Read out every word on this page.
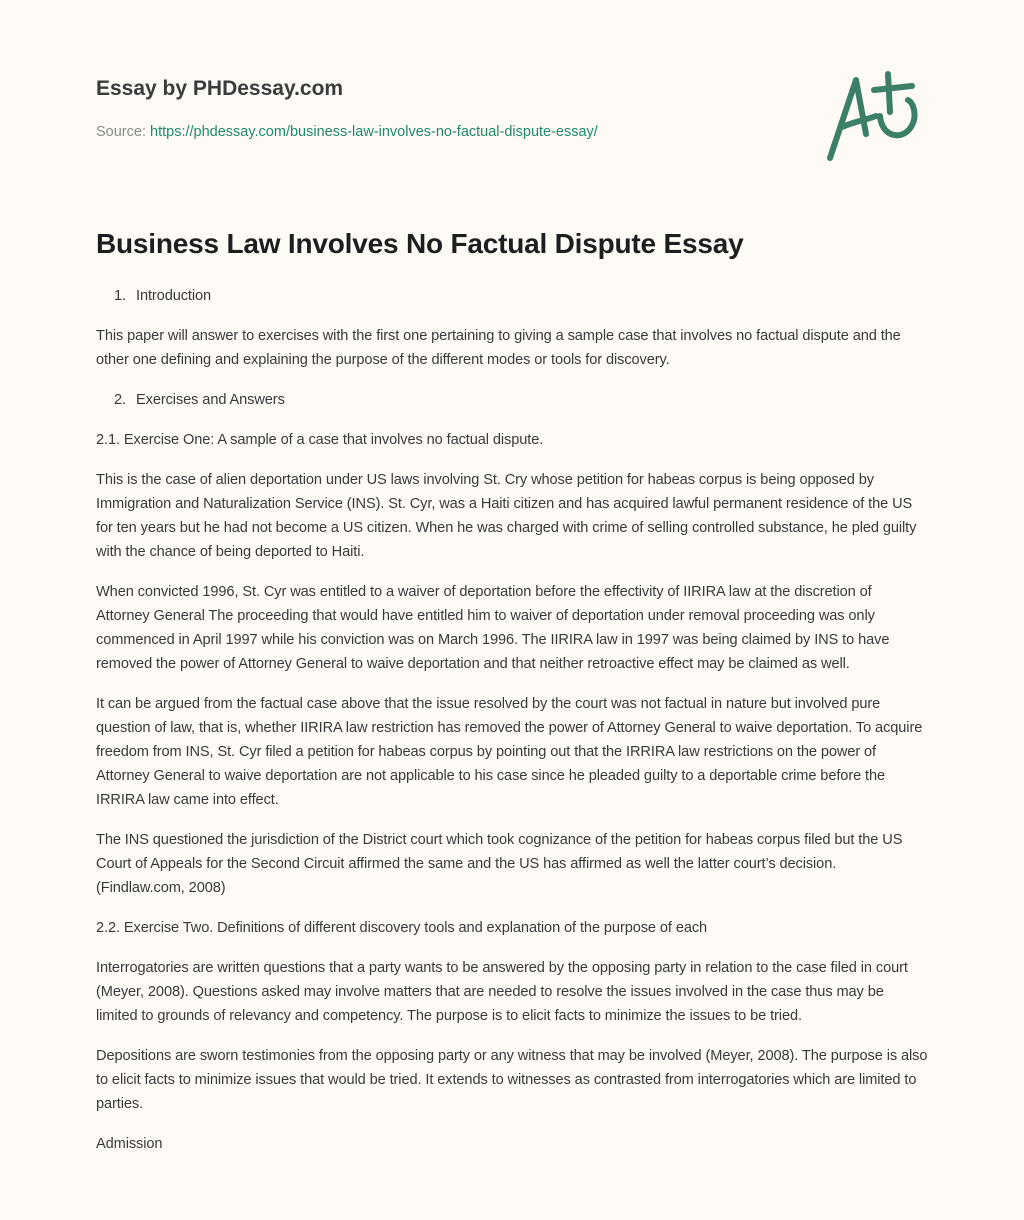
Essay by PHDessay.com
Source: https://phdessay.com/business-law-involves-no-factual-dispute-essay/
Business Law Involves No Factual Dispute Essay

1. Introduction

This paper will answer to exercises with the first one pertaining to giving a sample case that involves no factual dispute and the other one defining and explaining the purpose of the different modes or tools for discovery.

2. Exercises and Answers

2.1. Exercise One: A sample of a case that involves no factual dispute.

This is the case of alien deportation under US laws involving St. Cry whose petition for habeas corpus is being opposed by Immigration and Naturalization Service (INS). St. Cyr, was a Haiti citizen and has acquired lawful permanent residence of the US for ten years but he had not become a US citizen. When he was charged with crime of selling controlled substance, he pled guilty with the chance of being deported to Haiti.

When convicted 1996, St. Cyr was entitled to a waiver of deportation before the effectivity of IIRIRA law at the discretion of Attorney General The proceeding that would have entitled him to waiver of deportation under removal proceeding was only commenced in April 1997 while his conviction was on March 1996. The IIRIRA law in 1997 was being claimed by INS to have removed the power of Attorney General to waive deportation and that neither retroactive effect may be claimed as well.

It can be argued from the factual case above that the issue resolved by the court was not factual in nature but involved pure question of law, that is, whether IIRIRA law restriction has removed the power of Attorney General to waive deportation. To acquire freedom from INS, St. Cyr filed a petition for habeas corpus by pointing out that the IRRIRA law restrictions on the power of Attorney General to waive deportation are not applicable to his case since he pleaded guilty to a deportable crime before the IRRIRA law came into effect.

The INS questioned the jurisdiction of the District court which took cognizance of the petition for habeas corpus filed but the US Court of Appeals for the Second Circuit affirmed the same and the US has affirmed as well the latter court’s decision. (Findlaw.com, 2008)

2.2. Exercise Two. Definitions of different discovery tools and explanation of the purpose of each

Interrogatories are written questions that a party wants to be answered by the opposing party in relation to the case filed in court (Meyer, 2008). Questions asked may involve matters that are needed to resolve the issues involved in the case thus may be limited to grounds of relevancy and competency. The purpose is to elicit facts to minimize the issues to be tried.

Depositions are sworn testimonies from the opposing party or any witness that may be involved (Meyer, 2008). The purpose is also to elicit facts to minimize issues that would be tried. It extends to witnesses as contrasted from interrogatories which are limited to parties.

Admission
